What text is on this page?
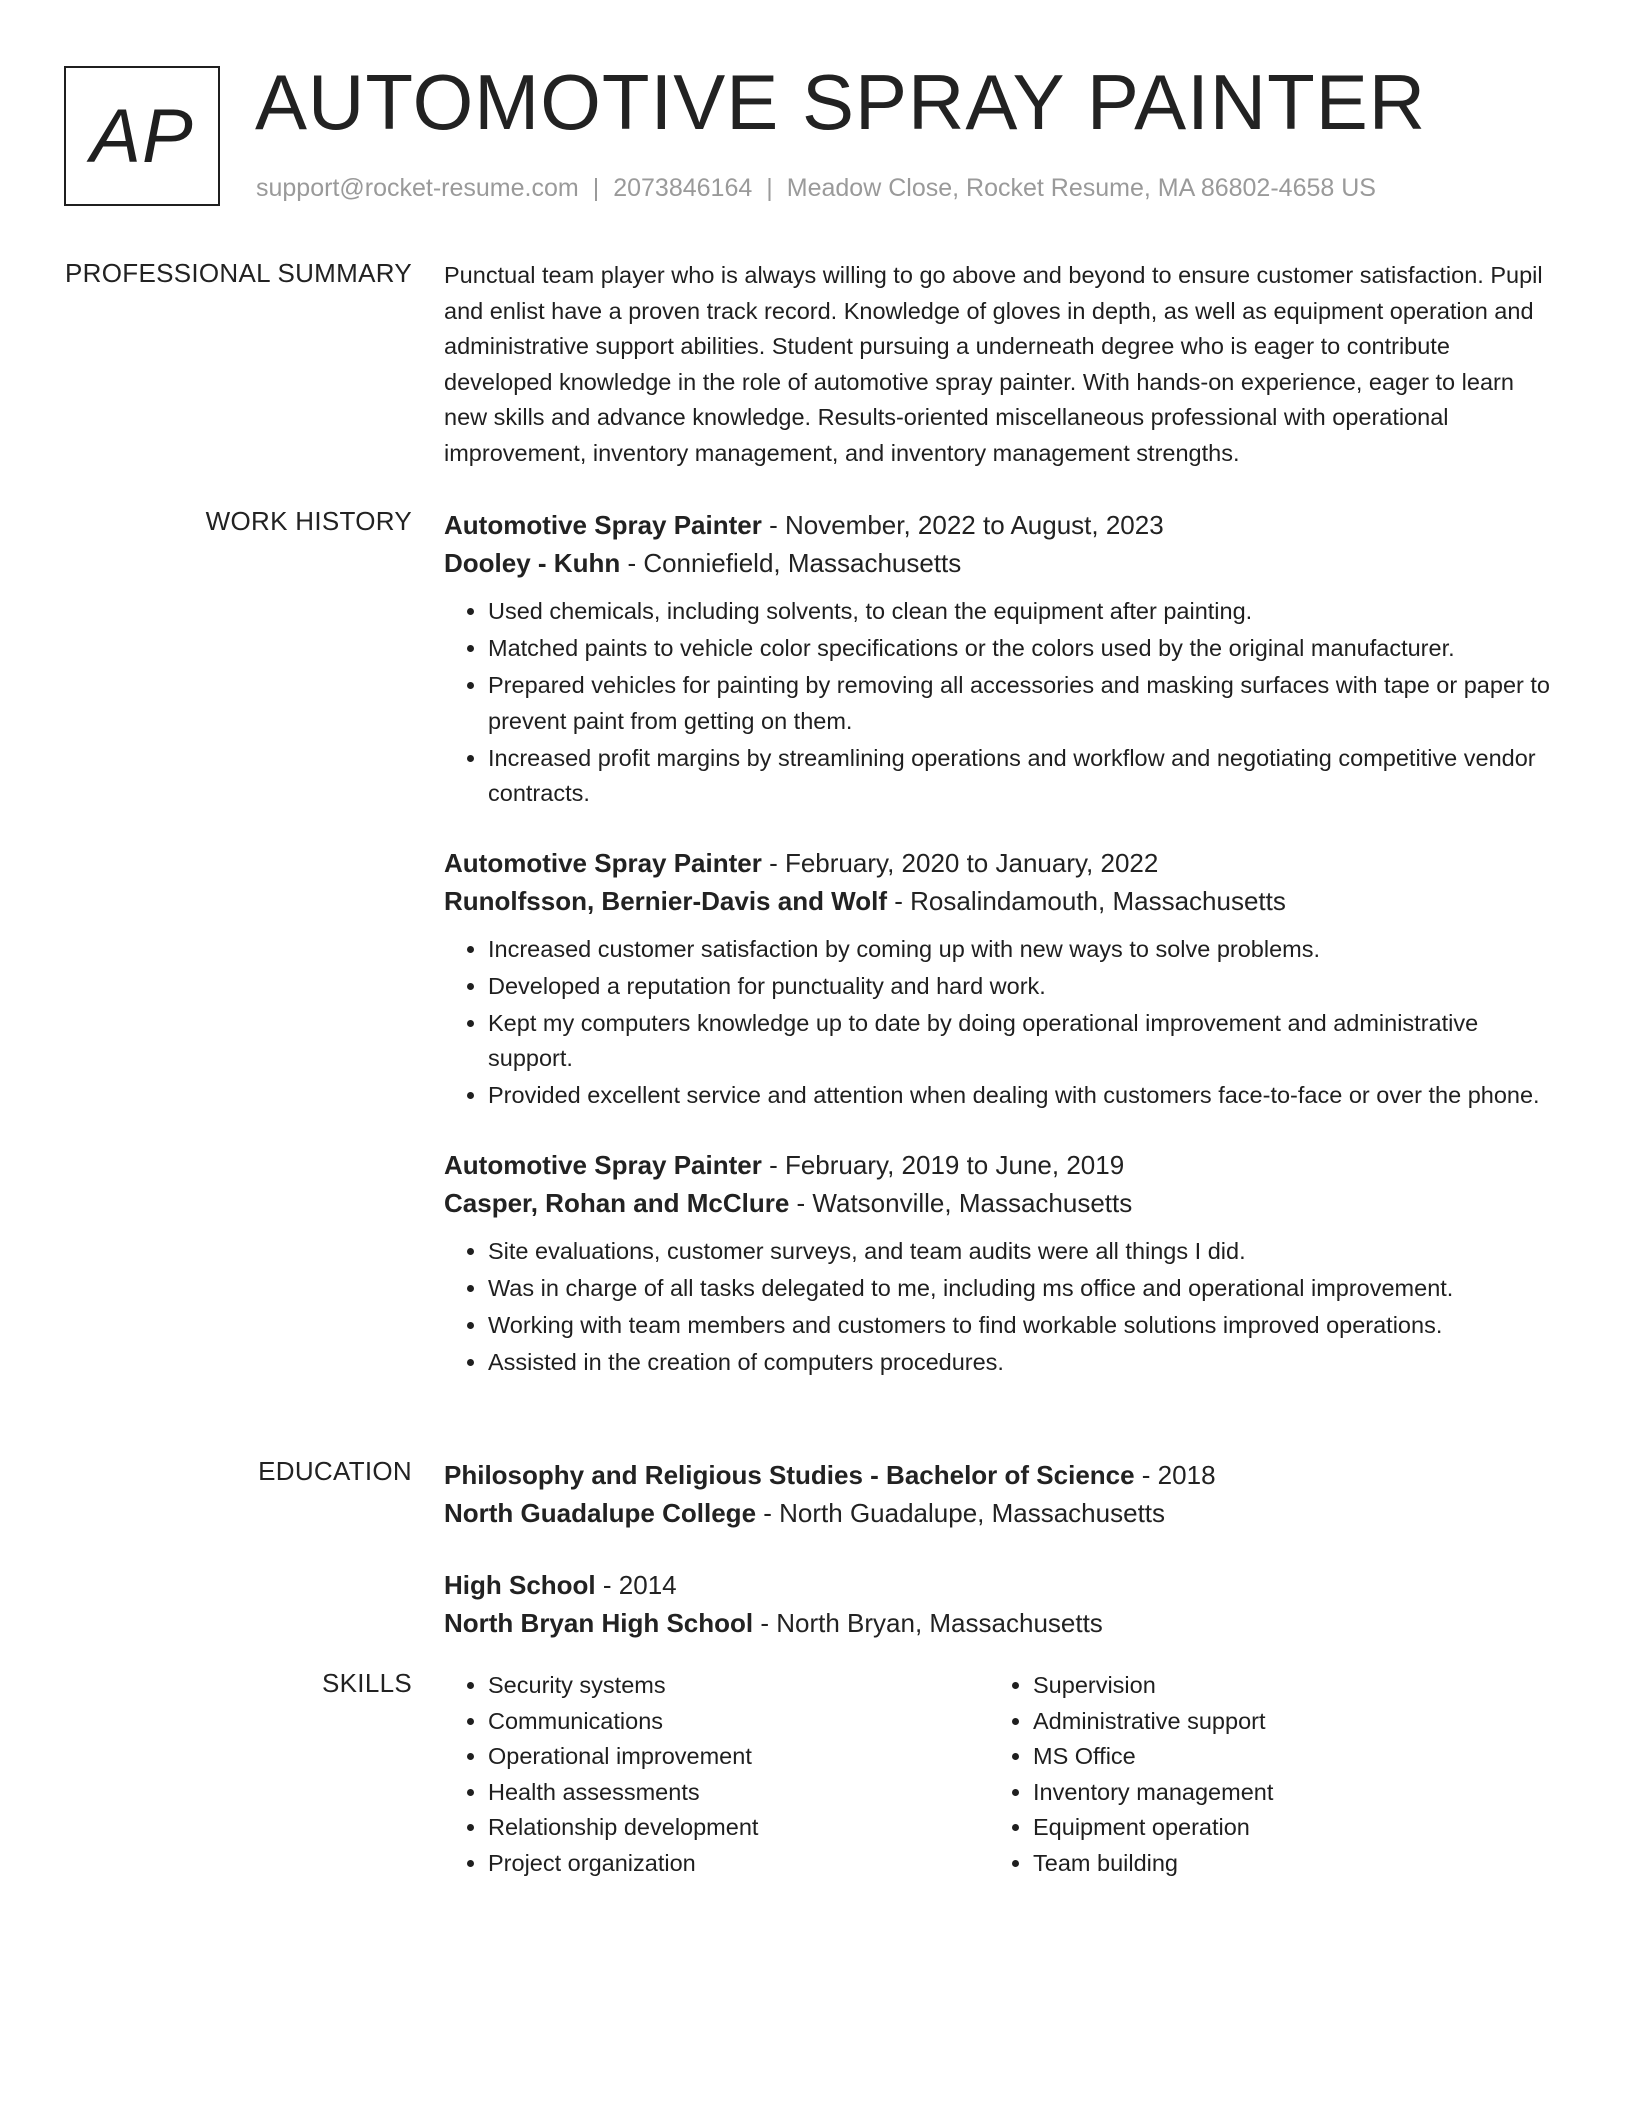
AP AUTOMOTIVE SPRAY PAINTER
support@rocket-resume.com | 2073846164 | Meadow Close, Rocket Resume, MA 86802-4658 US
PROFESSIONAL SUMMARY Punctual team player who is always willing to go above and beyond to ensure customer satisfaction. Pupil and enlist have a proven track record. Knowledge of gloves in depth, as well as equipment operation and administrative support abilities. Student pursuing a underneath degree who is eager to contribute developed knowledge in the role of automotive spray painter. With hands-on experience, eager to learn new skills and advance knowledge. Results-oriented miscellaneous professional with operational improvement, inventory management, and inventory management strengths.

WORK HISTORY Automotive Spray Painter - November, 2022 to August, 2023
Dooley - Kuhn - Conniefield, Massachusetts
• Used chemicals, including solvents, to clean the equipment after painting.
• Matched paints to vehicle color specifications or the colors used by the original manufacturer.
• Prepared vehicles for painting by removing all accessories and masking surfaces with tape or paper to prevent paint from getting on them.
• Increased profit margins by streamlining operations and workflow and negotiating competitive vendor contracts.
Automotive Spray Painter - February, 2020 to January, 2022
Runolfsson, Bernier-Davis and Wolf - Rosalindamouth, Massachusetts
• Increased customer satisfaction by coming up with new ways to solve problems.
• Developed a reputation for punctuality and hard work.
• Kept my computers knowledge up to date by doing operational improvement and administrative support.
• Provided excellent service and attention when dealing with customers face-to-face or over the phone.
Automotive Spray Painter - February, 2019 to June, 2019
Casper, Rohan and McClure - Watsonville, Massachusetts
• Site evaluations, customer surveys, and team audits were all things I did.
• Was in charge of all tasks delegated to me, including ms office and operational improvement.
• Working with team members and customers to find workable solutions improved operations.
• Assisted in the creation of computers procedures.
EDUCATION Philosophy and Religious Studies - Bachelor of Science - 2018
North Guadalupe College - North Guadalupe, Massachusetts
High School - 2014
North Bryan High School - North Bryan, Massachusetts
SKILLS
•	Security systems
• Communications
• Operational improvement
• Health assessments
• Relationship development
• Project organization
• Supervision
• Administrative support
• MS Office
• Inventory management
• Equipment operation
• Team building
